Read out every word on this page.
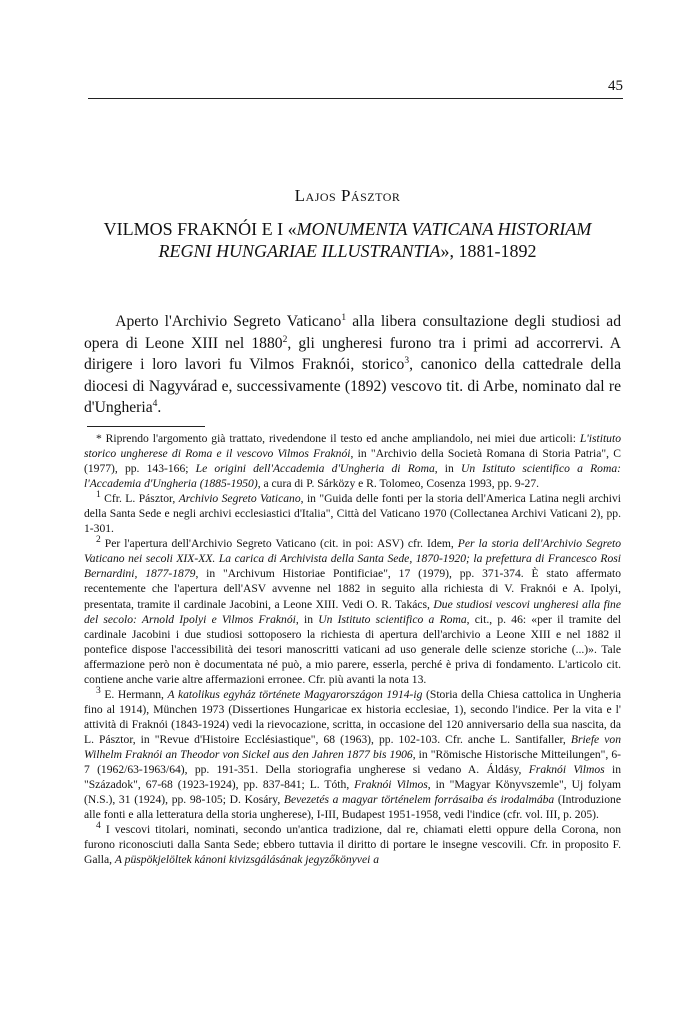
45
Lajos Pásztor
VILMOS FRAKNÓI E I «MONUMENTA VATICANA HISTORIAM REGNI HUNGARIAE ILLUSTRANTIA», 1881-1892

  Aperto l'Archivio Segreto Vaticano$^1$ alla libera consultazione degli studiosi ad opera di Leone XIII nel 1880$^2$, gli ungheresi furono tra i primi ad accorrervi. A dirigere i loro lavori fu Vilmos Fraknói, storico$^3$, canonico della cattedrale della diocesi di Nagyvárad e, successivamente (1892) vescovo tit. di Arbe, nominato dal re d'Ungheria$^4$.

* Riprendo l'argomento già trattato, rivedendone il testo ed anche ampliandolo, nei miei due articoli: L'istituto storico ungherese di Roma e il vescovo Vilmos Fraknói, in "Archivio della Società Romana di Storia Patria", C (1977), pp. 143-166; Le origini dell'Accademia d'Ungheria di Roma, in Un Istituto scientifico a Roma: l'Accademia d'Ungheria (1885-1950), a cura di P. Sárközy e R. Tolomeo, Cosenza 1993, pp. 9-27.

$^1$ Cfr. L. Pásztor, Archivio Segreto Vaticano, in "Guida delle fonti per la storia dell'America Latina negli archivi della Santa Sede e negli archivi ecclesiastici d'Italia", Città del Vaticano 1970 (Collectanea Archivi Vaticani 2), pp. 1-301.

$^2$ Per l'apertura dell'Archivio Segreto Vaticano (cit. in poi: ASV) cfr. Idem, Per la storia dell'Archivio Segreto Vaticano nei secoli XIX-XX. La carica di Archivista della Santa Sede, 1870-1920; la prefettura di Francesco Rosi Bernardini, 1877-1879, in "Archivum Historiae Pontificiae", 17 (1979), pp. 371-374. È stato affermato recentemente che l'apertura dell'ASV avvenne nel 1882 in seguito alla richiesta di V. Fraknói e A. Ipolyi, presentata, tramite il cardinale Jacobini, a Leone XIII. Vedi O. R. Takács, Due studiosi vescovi ungheresi alla fine del secolo: Arnold Ipolyi e Vilmos Fraknói, in Un Istituto scientifico a Roma, cit., p. 46: «per il tramite del cardinale Jacobini i due studiosi sottoposero la richiesta di apertura dell'archivio a Leone XIII e nel 1882 il pontefice dispose l'accessibilità dei tesori manoscritti vaticani ad uso generale delle scienze storiche (...)». Tale affermazione però non è documentata né può, a mio parere, esserla, perché è priva di fondamento. L'articolo cit. contiene anche varie altre affermazioni erronee. Cfr. più avanti la nota 13.

$^3$ E. Hermann, A katolikus egyház története Magyarországon 1914-ig (Storia della Chiesa cattolica in Ungheria fino al 1914), München 1973 (Dissertiones Hungaricae ex historia ecclesiae, 1), secondo l'indice. Per la vita e l' attività di Fraknói (1843-1924) vedi la rievocazione, scritta, in occasione del 120 anniversario della sua nascita, da L. Pásztor, in "Revue d'Histoire Ecclésiastique", 68 (1963), pp. 102-103. Cfr. anche L. Santifaller, Briefe von Wilhelm Fraknói an Theodor von Sickel aus den Jahren 1877 bis 1906, in "Römische Historische Mitteilungen", 6-7 (1962/63-1963/64), pp. 191-351. Della storiografia ungherese si vedano A. Áldásy, Fraknói Vilmos in "Századok", 67-68 (1923-1924), pp. 837-841; L. Tóth, Fraknói Vilmos, in "Magyar Könyvszemle", Uj folyam (N.S.), 31 (1924), pp. 98-105; D. Kosáry, Bevezetés a magyar történelem forrásaiba és irodalmába (Introduzione alle fonti e alla letteratura della storia ungherese), I-III, Budapest 1951-1958, vedi l'indice (cfr. vol. III, p. 205).

$^4$ I vescovi titolari, nominati, secondo un'antica tradizione, dal re, chiamati eletti oppure della Corona, non furono riconosciuti dalla Santa Sede; ebbero tuttavia il diritto di portare le insegne vescovili. Cfr. in proposito F. Galla, A püspökjelöltek kánoni kivizsgálásának jegyzőkönyvei a
